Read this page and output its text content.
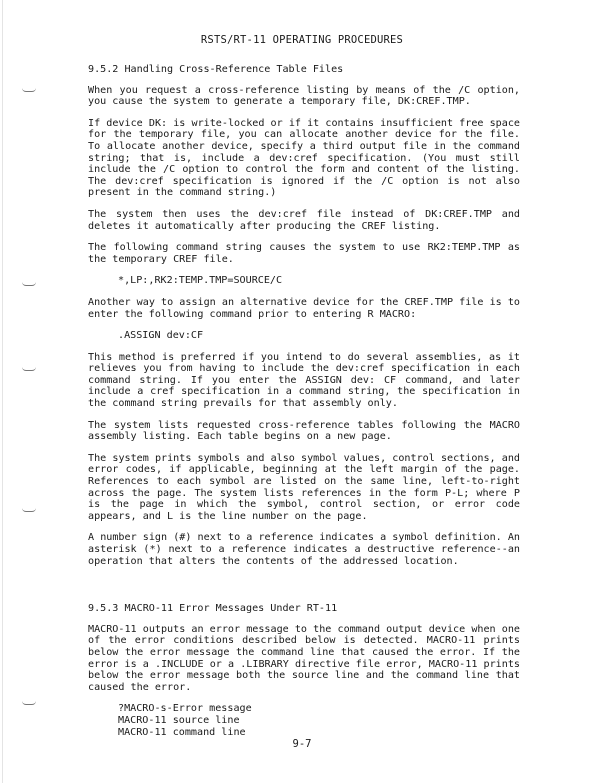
RSTS/RT-11 OPERATING PROCEDURES
9.5.2 Handling Cross-Reference Table Files
When you request a cross-reference listing by means of the /C option, you cause the system to generate a temporary file, DK:CREF.TMP.
If device DK: is write-locked or if it contains insufficient free space for the temporary file, you can allocate another device for the file. To allocate another device, specify a third output file in the command string; that is, include a dev:cref specification. (You must still include the /C option to control the form and content of the listing. The dev:cref specification is ignored if the /C option is not also present in the command string.)
The system then uses the dev:cref file instead of DK:CREF.TMP and deletes it automatically after producing the CREF listing.
The following command string causes the system to use RK2:TEMP.TMP as the temporary CREF file.
*,LP:,RK2:TEMP.TMP=SOURCE/C
Another way to assign an alternative device for the CREF.TMP file is to enter the following command prior to entering R MACRO:
.ASSIGN dev:CF
This method is preferred if you intend to do several assemblies, as it relieves you from having to include the dev:cref specification in each command string. If you enter the ASSIGN dev: CF command, and later include a cref specification in a command string, the specification in the command string prevails for that assembly only.
The system lists requested cross-reference tables following the MACRO assembly listing. Each table begins on a new page.
The system prints symbols and also symbol values, control sections, and error codes, if applicable, beginning at the left margin of the page. References to each symbol are listed on the same line, left-to-right across the page. The system lists references in the form P-L; where P is the page in which the symbol, control section, or error code appears, and L is the line number on the page.
A number sign (#) next to a reference indicates a symbol definition. An asterisk (*) next to a reference indicates a destructive reference--an operation that alters the contents of the addressed location.
9.5.3 MACRO-11 Error Messages Under RT-11
MACRO-11 outputs an error message to the command output device when one of the error conditions described below is detected. MACRO-11 prints below the error message the command line that caused the error. If the error is a .INCLUDE or a .LIBRARY directive file error, MACRO-11 prints below the error message both the source line and the command line that caused the error.
?MACRO-s-Error message
MACRO-11 source line
MACRO-11 command line
9-7
